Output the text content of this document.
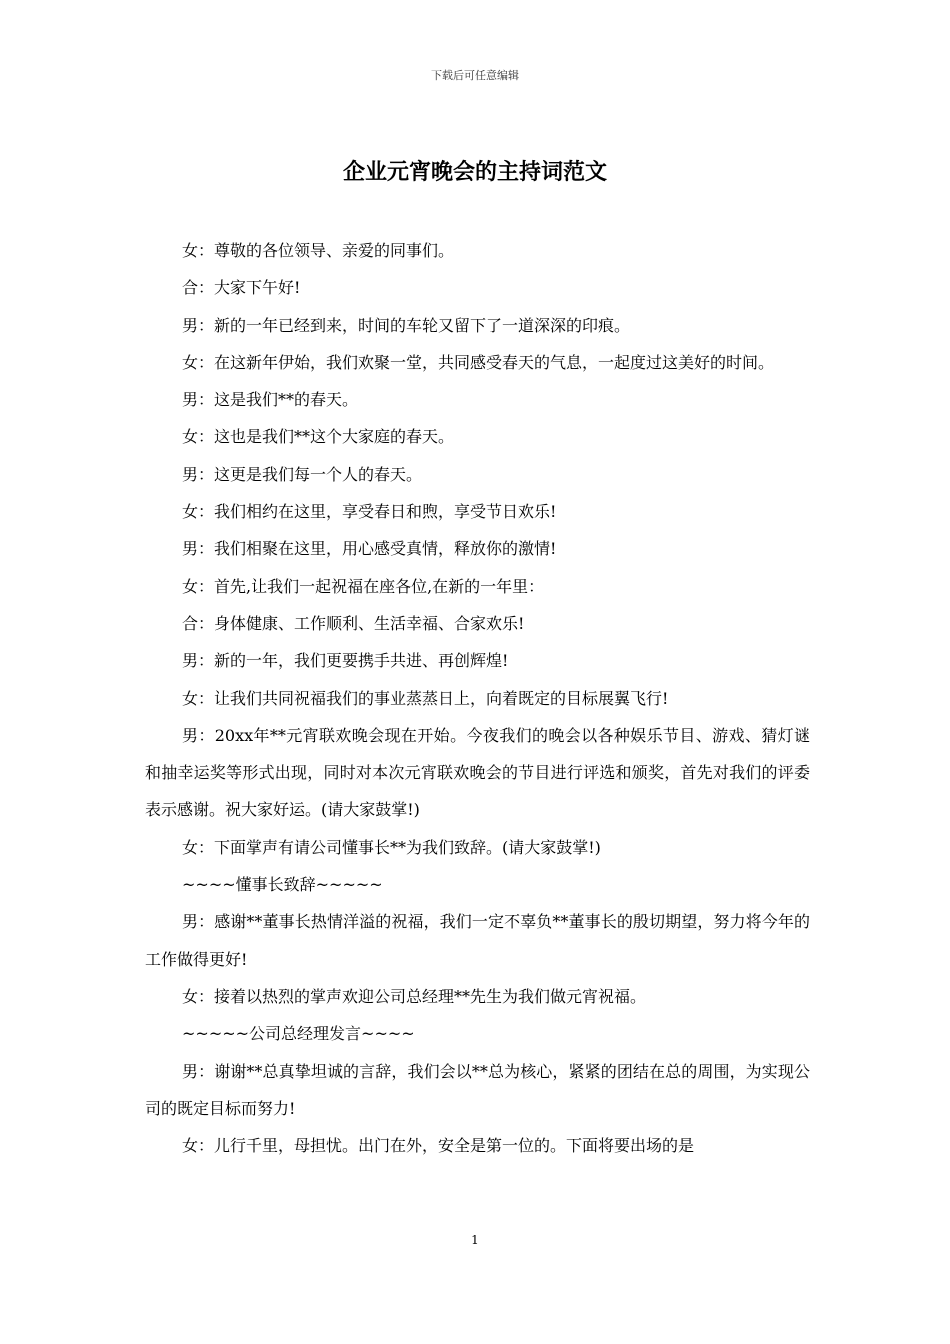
下载后可任意编辑
企业元宵晚会的主持词范文

女：尊敬的各位领导、亲爱的同事们。

合：大家下午好!

男：新的一年已经到来，时间的车轮又留下了一道深深的印痕。

女：在这新年伊始，我们欢聚一堂，共同感受春天的气息，一起度过这美好的时间。

男：这是我们**的春天。

女：这也是我们**这个大家庭的春天。

男：这更是我们每一个人的春天。

女：我们相约在这里，享受春日和煦，享受节日欢乐!

男：我们相聚在这里，用心感受真情，释放你的激情!

女：首先,让我们一起祝福在座各位,在新的一年里：

合：身体健康、工作顺利、生活幸福、合家欢乐!

男：新的一年，我们更要携手共进、再创辉煌!

女：让我们共同祝福我们的事业蒸蒸日上，向着既定的目标展翼飞行!

男：20xx年**元宵联欢晚会现在开始。今夜我们的晚会以各种娱乐节目、游戏、猜灯谜和抽幸运奖等形式出现，同时对本次元宵联欢晚会的节目进行评选和颁奖，首先对我们的评委表示感谢。祝大家好运。(请大家鼓掌!)

女：下面掌声有请公司懂事长**为我们致辞。(请大家鼓掌!)

~~~~懂事长致辞~~~~~

男：感谢**董事长热情洋溢的祝福，我们一定不辜负**董事长的殷切期望，努力将今年的工作做得更好!

女：接着以热烈的掌声欢迎公司总经理**先生为我们做元宵祝福。

~~~~~公司总经理发言~~~~

男：谢谢**总真挚坦诚的言辞，我们会以**总为核心，紧紧的团结在总的周围，为实现公司的既定目标而努力!

女：儿行千里，母担忧。出门在外，安全是第一位的。下面将要出场的是

1
